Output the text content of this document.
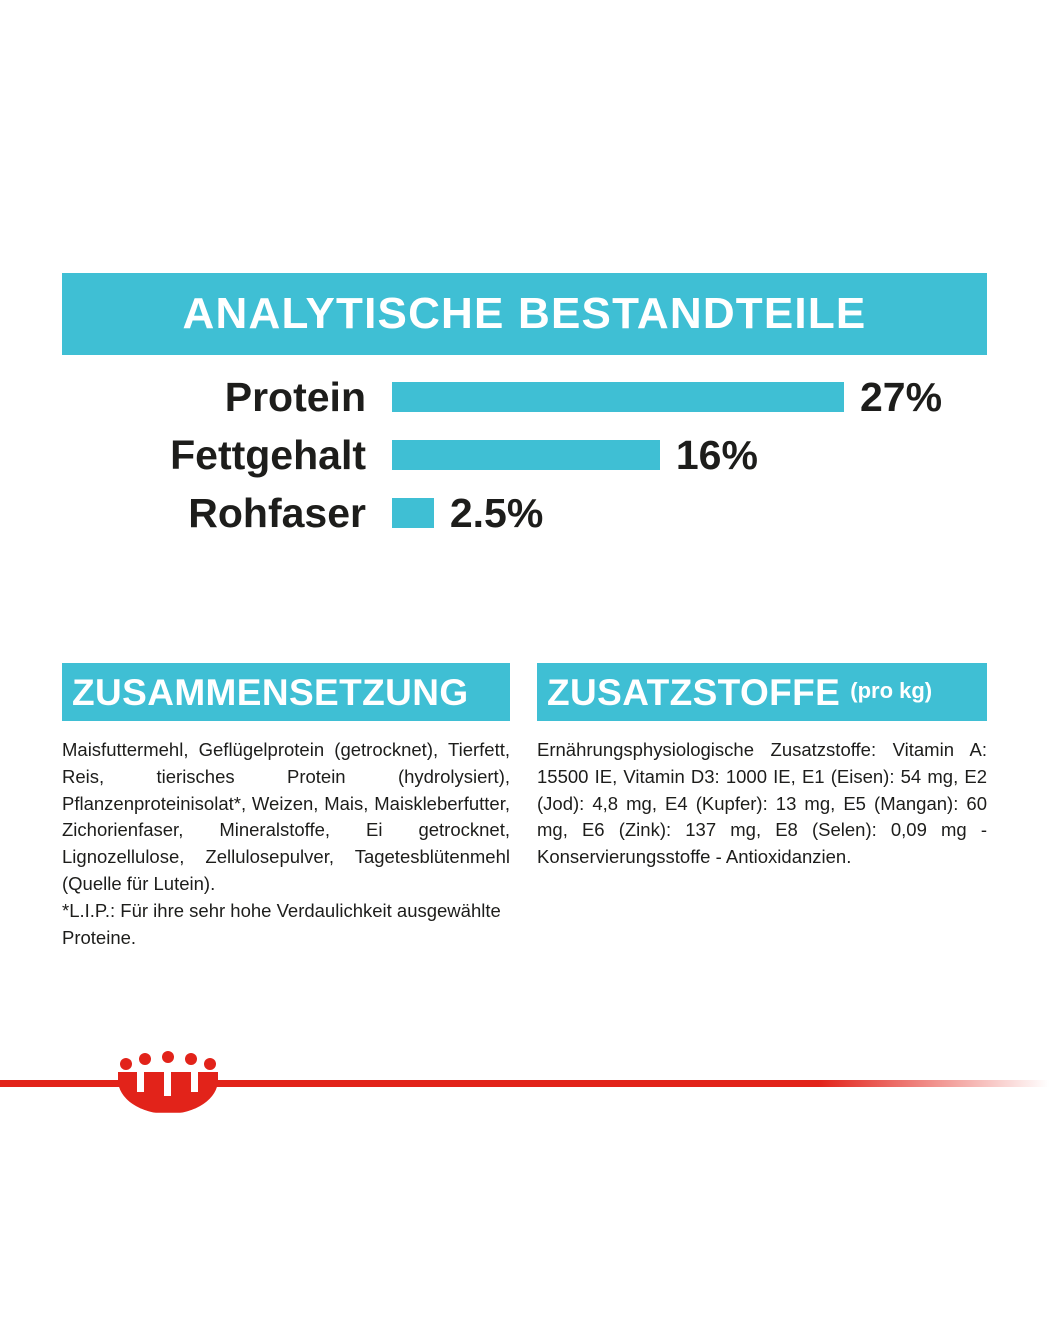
ANALYTISCHE BESTANDTEILE
Protein	27%
Fettgehalt	16%
Rohfaser	2.5%
ZUSAMMENSETZUNG

Maisfuttermehl, Geflügelprotein (getrocknet), Tierfett, Reis, tierisches Protein (hydrolysiert), Pflanzenproteinisolat*, Weizen, Mais, Maiskleberfutter, Zichorienfaser, Mineralstoffe, Ei getrocknet, Lignozellulose, Zellulosepulver, Tagetesblütenmehl (Quelle für Lutein).

*L.I.P.: Für ihre sehr hohe Verdaulichkeit ausgewählte Proteine.

ZUSATZSTOFFE (pro kg)

Ernährungsphysiologische Zusatzstoffe: Vitamin A: 15500 IE, Vitamin D3: 1000 IE, E1 (Eisen): 54 mg, E2 (Jod): 4,8 mg, E4 (Kupfer): 13 mg, E5 (Mangan): 60 mg, E6 (Zink): 137 mg, E8 (Selen): 0,09 mg - Konservierungsstoffe - Antioxidanzien.
